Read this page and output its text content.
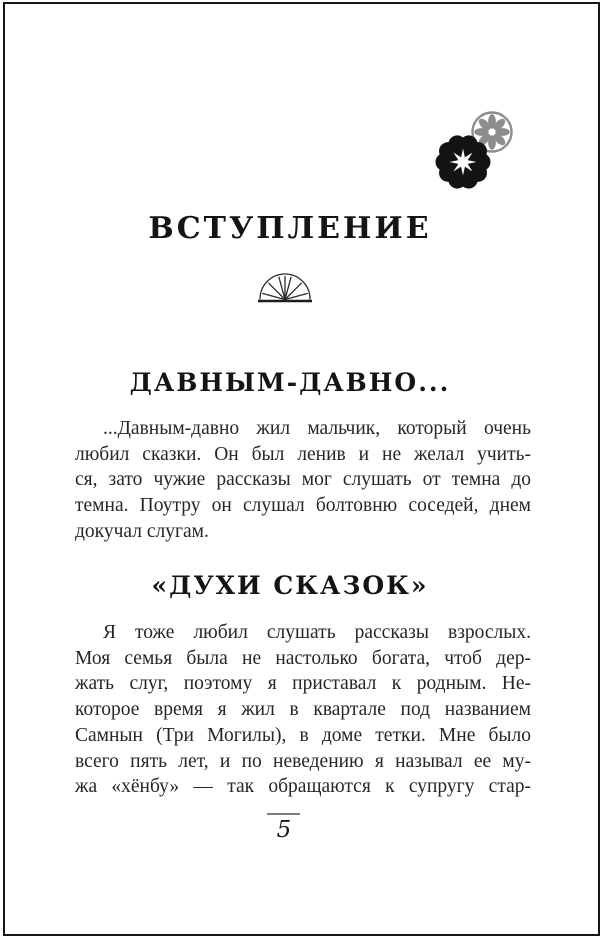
ВСТУПЛЕНИЕ
ДАВНЫМ-ДАВНО...
...Давным-давно жил мальчик, который очень
любил сказки. Он был ленив и не желал учить-
ся, зато чужие рассказы мог слушать от темна до
темна. Поутру он слушал болтовню соседей, днем
докучал слугам.
«ДУХИ СКАЗОК»
Я тоже любил слушать рассказы взрослых.
Моя семья была не настолько богата, чтоб дер-
жать слуг, поэтому я приставал к родным. Не-
которое время я жил в квартале под названием
Самнын (Три Могилы), в доме тетки. Мне было
всего пять лет, и по неведению я называл ее му-
жа «хёнбу» — так обращаются к супругу стар-
5
